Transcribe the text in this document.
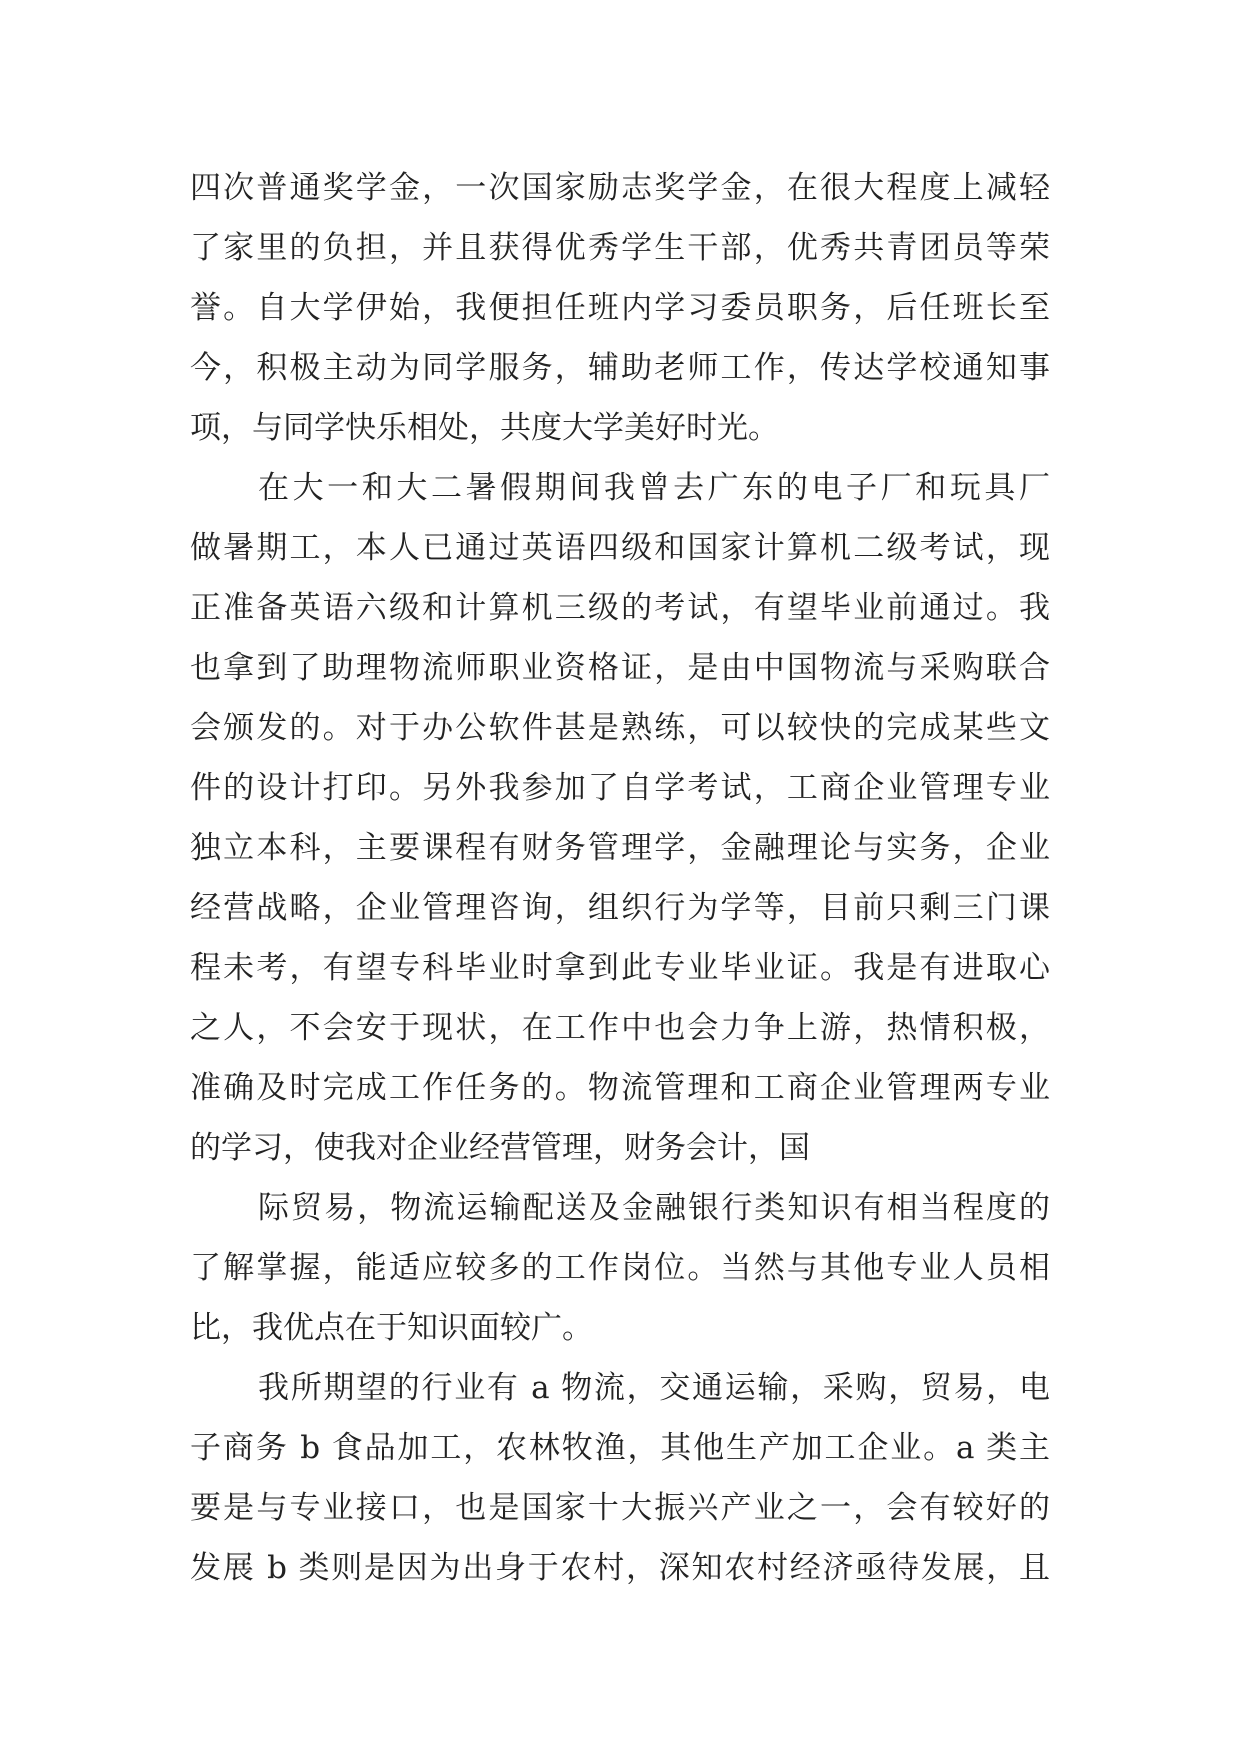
四次普通奖学金，一次国家励志奖学金，在很大程度上减轻
了家里的负担，并且获得优秀学生干部，优秀共青团员等荣
誉。自大学伊始，我便担任班内学习委员职务，后任班长至
今，积极主动为同学服务，辅助老师工作，传达学校通知事
项，与同学快乐相处，共度大学美好时光。
在大一和大二暑假期间我曾去广东的电子厂和玩具厂
做暑期工，本人已通过英语四级和国家计算机二级考试，现
正准备英语六级和计算机三级的考试，有望毕业前通过。我
也拿到了助理物流师职业资格证，是由中国物流与采购联合
会颁发的。对于办公软件甚是熟练，可以较快的完成某些文
件的设计打印。另外我参加了自学考试，工商企业管理专业
独立本科，主要课程有财务管理学，金融理论与实务，企业
经营战略，企业管理咨询，组织行为学等，目前只剩三门课
程未考，有望专科毕业时拿到此专业毕业证。我是有进取心
之人，不会安于现状，在工作中也会力争上游，热情积极，
准确及时完成工作任务的。物流管理和工商企业管理两专业
的学习，使我对企业经营管理，财务会计，国
际贸易，物流运输配送及金融银行类知识有相当程度的
了解掌握，能适应较多的工作岗位。当然与其他专业人员相
比，我优点在于知识面较广。
我所期望的行业有 a 物流，交通运输，采购，贸易，电
子商务 b 食品加工，农林牧渔，其他生产加工企业。a 类主
要是与专业接口，也是国家十大振兴产业之一，会有较好的
发展 b 类则是因为出身于农村，深知农村经济亟待发展，且
